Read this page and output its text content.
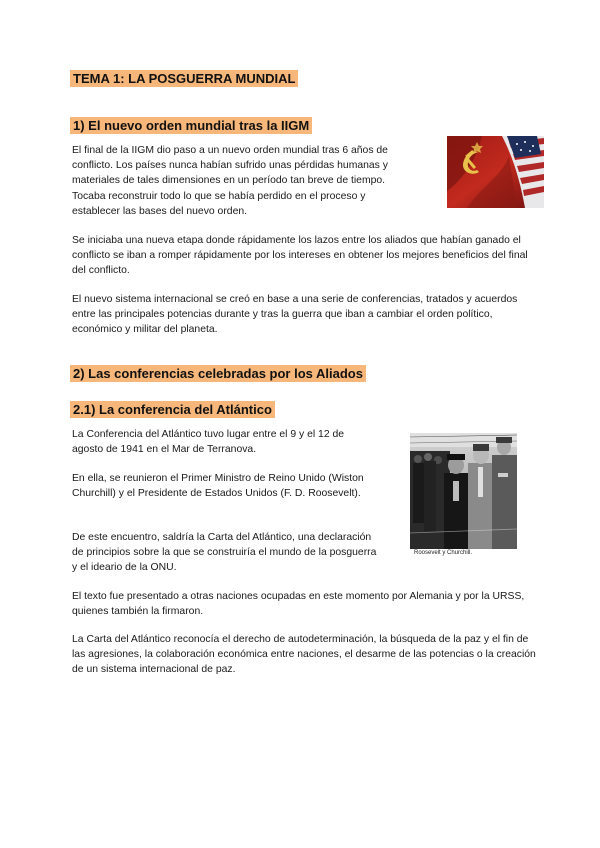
TEMA 1: LA POSGUERRA MUNDIAL
1) El nuevo orden mundial tras la IIGM

El final de la IIGM dio paso a un nuevo orden mundial tras 6 años de conflicto. Los países nunca habían sufrido unas pérdidas humanas y materiales de tales dimensiones en un período tan breve de tiempo. Tocaba reconstruir todo lo que se había perdido en el proceso y establecer las bases del nuevo orden.

Se iniciaba una nueva etapa donde rápidamente los lazos entre los aliados que habían ganado el conflicto se iban a romper rápidamente por los intereses en obtener los mejores beneficios del final del conflicto.

El nuevo sistema internacional se creó en base a una serie de conferencias, tratados y acuerdos entre las principales potencias durante y tras la guerra que iban a cambiar el orden político, económico y militar del planeta.

2) Las conferencias celebradas por los Aliados
2.1) La conferencia del Atlántico

La Conferencia del Atlántico tuvo lugar entre el 9 y el 12 de agosto de 1941 en el Mar de Terranova.

En ella, se reunieron el Primer Ministro de Reino Unido (Wiston Churchill) y el Presidente de Estados Unidos (F. D. Roosevelt).

De este encuentro, saldría la Carta del Atlántico, una declaración de principios sobre la que se construiría el mundo de la posguerra y el ideario de la ONU.

Roosevelt y Churchill.

El texto fue presentado a otras naciones ocupadas en este momento por Alemania y por la URSS, quienes también la firmaron.

La Carta del Atlántico reconocía el derecho de autodeterminación, la búsqueda de la paz y el fin de las agresiones, la colaboración económica entre naciones, el desarme de las potencias o la creación de un sistema internacional de paz.
